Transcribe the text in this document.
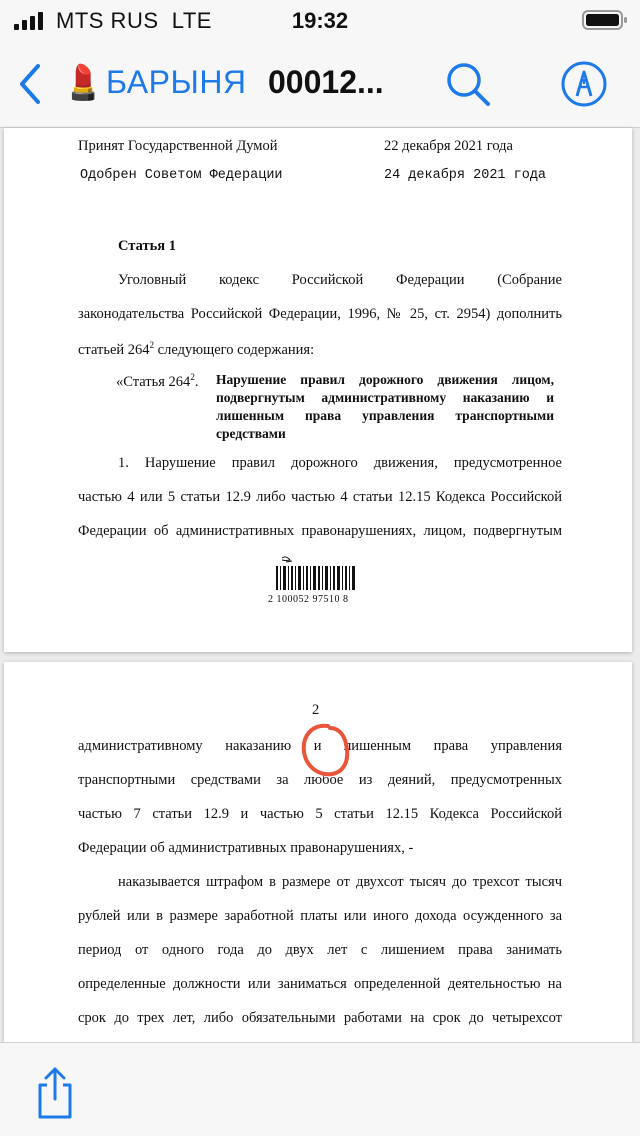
MTS RUS LTE	19:32
💄 БАРЫНЯ 00012...
Принят Государственной Думой	22 декабря 2021 года
Одобрен Советом Федерации	24 декабря 2021 года
Статья 1
Уголовный кодекс Российской Федерации (Собрание
законодательства Российской Федерации, 1996, № 25, ст. 2954) дополнить
статьей $264^2$ следующего содержания:
«Статья $264^2$. Нарушение правил дорожного движения лицом,
подвергнутым административному наказанию и
лишенным права управления транспортными
средствами
1. Нарушение правил дорожного движения, предусмотренное
частью 4 или 5 статьи 12.9 либо частью 4 статьи 12.15 Кодекса Российской
Федерации об административных правонарушениях, лицом, подвергнутым
2 100052 97510 8
2
административному наказанию и лишенным права управления
транспортными средствами за любое из деяний, предусмотренных
частью 7 статьи 12.9 и частью 5 статьи 12.15 Кодекса Российской
Федерации об административных правонарушениях, -
наказывается штрафом в размере от двухсот тысяч до трехсот тысяч
рублей или в размере заработной платы или иного дохода осужденного за
период от одного года до двух лет с лишением права занимать
определенные должности или заниматься определенной деятельностью на
срок до трех лет, либо обязательными работами на срок до четырехсот
